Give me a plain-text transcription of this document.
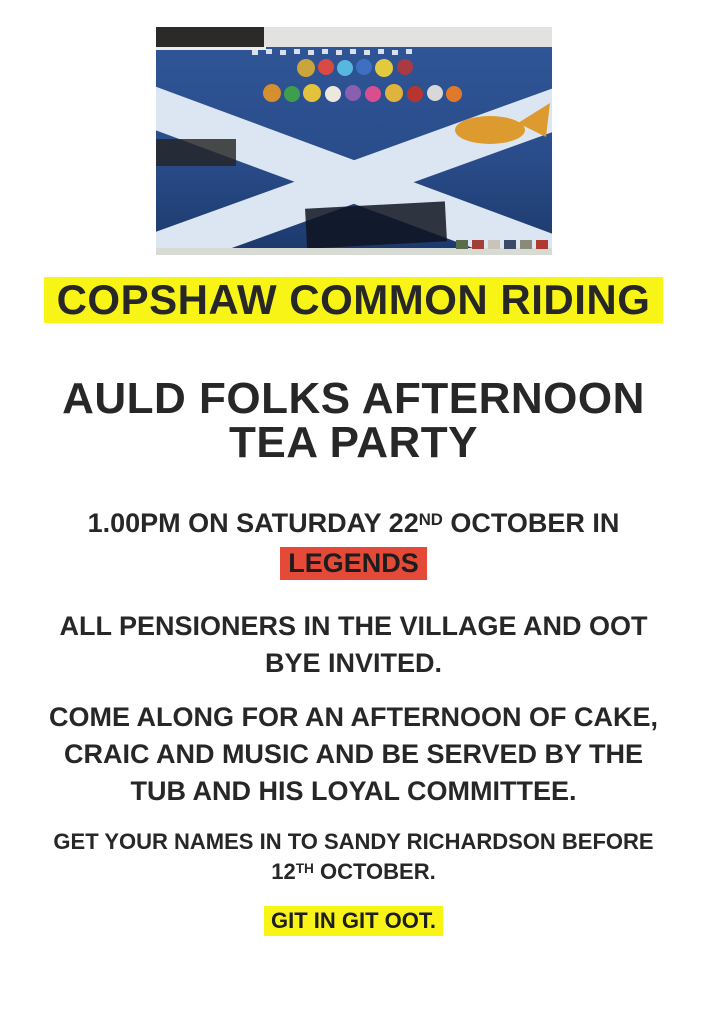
COPSHAW COMMON RIDING
AULD FOLKS AFTERNOON
TEA PARTY

1.00PM ON SATURDAY 22ND OCTOBER IN
LEGENDS

ALL PENSIONERS IN THE VILLAGE AND OOT
BYE INVITED.

COME ALONG FOR AN AFTERNOON OF CAKE,
CRAIC AND MUSIC AND BE SERVED BY THE
TUB AND HIS LOYAL COMMITTEE.

GET YOUR NAMES IN TO SANDY RICHARDSON BEFORE
12TH OCTOBER.

GIT IN GIT OOT.
